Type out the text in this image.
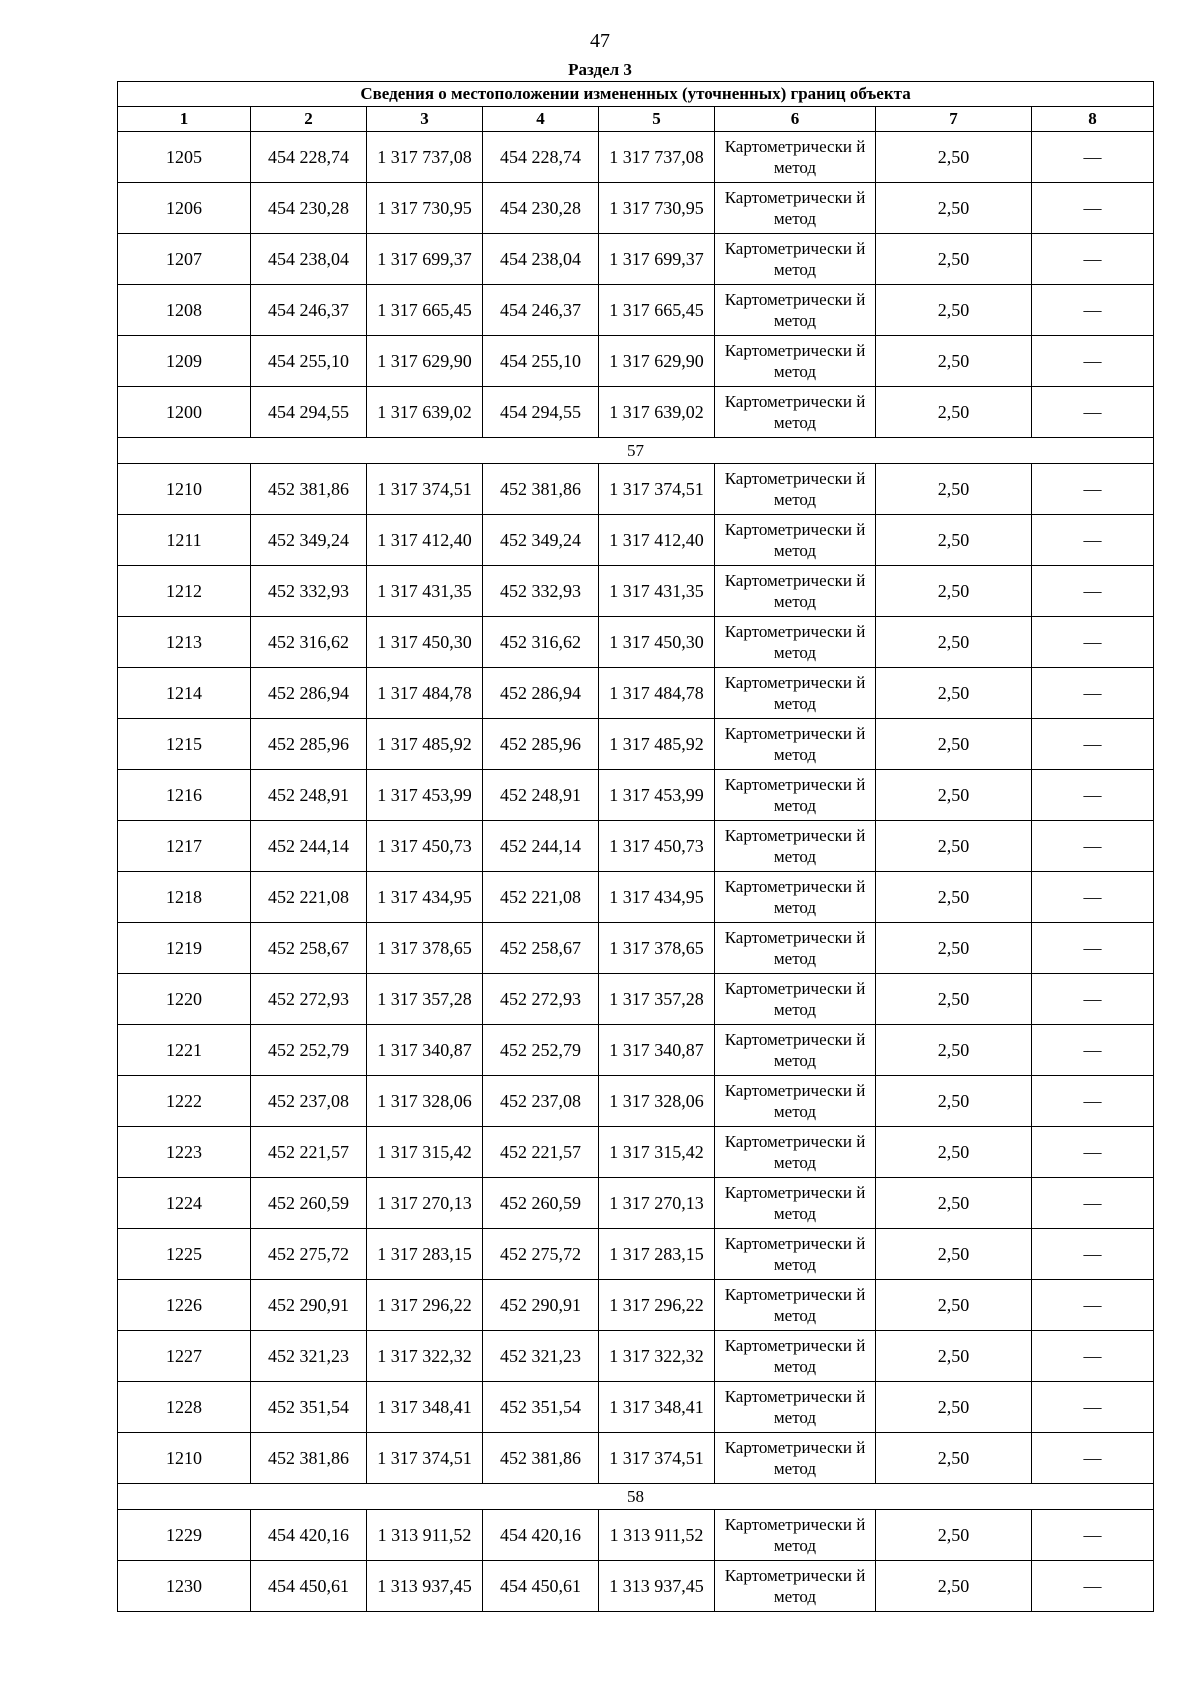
47
Раздел 3
Сведения о местоположении измененных (уточненных) границ объекта							
1	2	3	4	5	6	7	8
1205	454 228,74	1 317 737,08	454 228,74	1 317 737,08	Картометрически й метод	2,50	—
1206	454 230,28	1 317 730,95	454 230,28	1 317 730,95	Картометрически й метод	2,50	—
1207	454 238,04	1 317 699,37	454 238,04	1 317 699,37	Картометрически й метод	2,50	—
1208	454 246,37	1 317 665,45	454 246,37	1 317 665,45	Картометрически й метод	2,50	—
1209	454 255,10	1 317 629,90	454 255,10	1 317 629,90	Картометрически й метод	2,50	—
1200	454 294,55	1 317 639,02	454 294,55	1 317 639,02	Картометрически й метод	2,50	—
57							
1210	452 381,86	1 317 374,51	452 381,86	1 317 374,51	Картометрически й метод	2,50	—
1211	452 349,24	1 317 412,40	452 349,24	1 317 412,40	Картометрически й метод	2,50	—
1212	452 332,93	1 317 431,35	452 332,93	1 317 431,35	Картометрически й метод	2,50	—
1213	452 316,62	1 317 450,30	452 316,62	1 317 450,30	Картометрически й метод	2,50	—
1214	452 286,94	1 317 484,78	452 286,94	1 317 484,78	Картометрически й метод	2,50	—
1215	452 285,96	1 317 485,92	452 285,96	1 317 485,92	Картометрически й метод	2,50	—
1216	452 248,91	1 317 453,99	452 248,91	1 317 453,99	Картометрически й метод	2,50	—
1217	452 244,14	1 317 450,73	452 244,14	1 317 450,73	Картометрически й метод	2,50	—
1218	452 221,08	1 317 434,95	452 221,08	1 317 434,95	Картометрически й метод	2,50	—
1219	452 258,67	1 317 378,65	452 258,67	1 317 378,65	Картометрически й метод	2,50	—
1220	452 272,93	1 317 357,28	452 272,93	1 317 357,28	Картометрически й метод	2,50	—
1221	452 252,79	1 317 340,87	452 252,79	1 317 340,87	Картометрически й метод	2,50	—
1222	452 237,08	1 317 328,06	452 237,08	1 317 328,06	Картометрически й метод	2,50	—
1223	452 221,57	1 317 315,42	452 221,57	1 317 315,42	Картометрически й метод	2,50	—
1224	452 260,59	1 317 270,13	452 260,59	1 317 270,13	Картометрически й метод	2,50	—
1225	452 275,72	1 317 283,15	452 275,72	1 317 283,15	Картометрически й метод	2,50	—
1226	452 290,91	1 317 296,22	452 290,91	1 317 296,22	Картометрически й метод	2,50	—
1227	452 321,23	1 317 322,32	452 321,23	1 317 322,32	Картометрически й метод	2,50	—
1228	452 351,54	1 317 348,41	452 351,54	1 317 348,41	Картометрически й метод	2,50	—
1210	452 381,86	1 317 374,51	452 381,86	1 317 374,51	Картометрически й метод	2,50	—
58							
1229	454 420,16	1 313 911,52	454 420,16	1 313 911,52	Картометрически й метод	2,50	—
1230	454 450,61	1 313 937,45	454 450,61	1 313 937,45	Картометрически й метод	2,50	—
